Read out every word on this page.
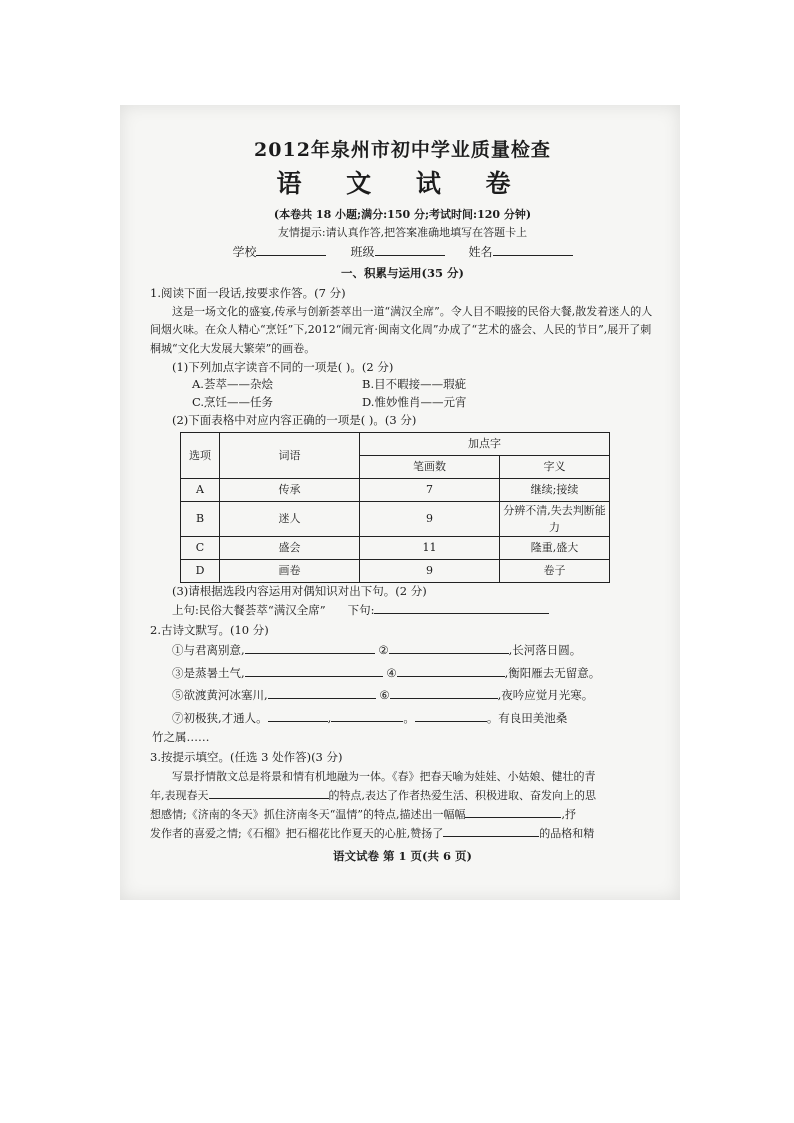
2012年泉州市初中学业质量检查
语 文 试 卷
(本卷共 18 小题;满分:150 分;考试时间:120 分钟)
友情提示:请认真作答,把答案准确地填写在答题卡上
学校	班级	姓名
一、积累与运用(35 分)
1.阅读下面一段话,按要求作答。(7 分)
这是一场文化的盛宴,传承与创新荟萃出一道“满汉全席”。令人目不暇接的民俗大餐,散发着迷人的人间烟火味。在众人精心“烹饪”下,2012“闹元宵·闽南文化周”办成了“艺术的盛会、人民的节日”,展开了刺桐城“文化大发展大繁荣”的画卷。
(1)下列加点字读音不同的一项是( )。(2 分)
A.荟萃——杂烩	B.目不暇接——瑕疵
C.烹饪——任务	D.惟妙惟肖——元宵
(2)下面表格中对应内容正确的一项是( )。(3 分)
选项	词语	加点字	
		笔画数	字义
A	传承	7	继续;接续
B	迷人	9	分辨不清,失去判断能力
C	盛会	11	隆重,盛大
D	画卷	9	卷子
(3)请根据选段内容运用对偶知识对出下句。(2 分)
上句:民俗大餐荟萃“满汉全席” 下句:
2.古诗文默写。(10 分)
①与君离别意,	②	,长河落日圆。
③是蒸暑土气,	④	,衡阳雁去无留意。
⑤欲渡黄河冰塞川,	⑥	,夜吟应觉月光寒。
⑦初极狭,才通人。	,	。	。有良田美池桑
竹之属……
3.按提示填空。(任选 3 处作答)(3 分)
写景抒情散文总是将景和情有机地融为一体。《春》把春天喻为娃娃、小姑娘、健壮的青
年,表现春天	的特点,表达了作者热爱生活、积极进取、奋发向上的思
想感情;《济南的冬天》抓住济南冬天“温情”的特点,描述出一幅幅	,抒
发作者的喜爱之情;《石榴》把石榴花比作夏天的心脏,赞扬了	的品格和精
语文试卷 第 1 页(共 6 页)
